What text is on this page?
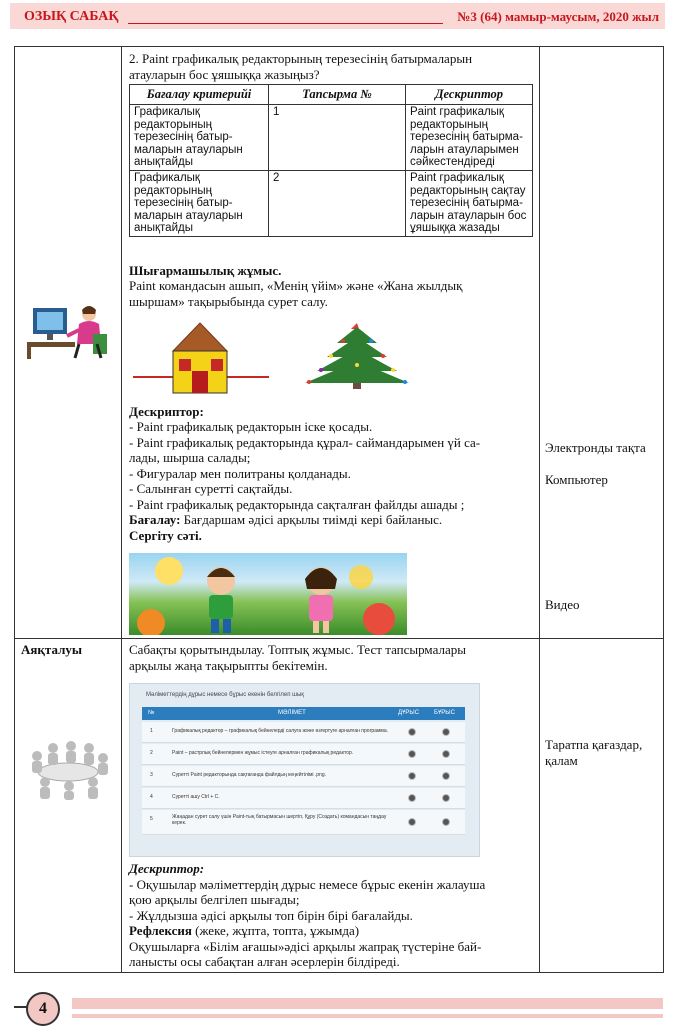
ОЗЫҚ САБАҚ	№3 (64) мамыр-маусым, 2020 жыл
2. Paint графикалық редакторының терезесінің батырмаларын атауларын бос ұяшыққа жазыңыз?
Бағалау критерийі	Тапсырма №	Дескриптор
Графикалық редакторының терезесінің батыр-маларын атауларын анықтайды	1	Paint графикалық редакторының терезесінің батырма-ларын атауларымен сәйкестендіреді
Графикалық редакторының терезесінің батыр-маларын атауларын анықтайды	2	Paint графикалық редакторының сақтау терезесінің батырма-ларын атауларын бос ұяшыққа жазады
Шығармашылық жұмыс.
Paint командасын ашып, «Менің үйім» және «Жана жылдық шыршам» тақырыбында сурет салу.
Дескриптор:
- Paint графикалық редакторын іске қосады.
- Paint графикалық редакторында құрал- саймандарымен үй са-
лады, шырша салады;
- Фигуралар мен политраны қолданады.
- Салынған суретті сақтайды.
- Paint графикалық редакторында сақталған файлды ашады ;
Бағалау: Бағдаршам әдісі арқылы тиімді кері байланыс.
Сергіту сәті.
Электронды тақта
Компьютер
Видео
Аяқталуы	Сабақты қорытындылау. Топтық жұмыс. Тест тапсырмалары
арқылы жаңа тақырыпты бекітемін.
Мәліметтердің дұрыс немесе бұрыс екенін белгілеп шық
№	МӘЛІМЕТ	ДҰРЫС БҰРЫС
1	Графикалық редактор – графикалық бейнелерді салуға және өзгертуге арналған программа.
2	Paint – растрлық бейнелермен жұмыс істеуге арналған графикалық редактор.
3	Суретті Paint редакторында сақтағанда файлдың кеңейтілімі .png.
4	Суретті ашу Ctrl + C.
5	Жаңадан сурет салу үшін Paint-тың батырмасын шертіп, Құру (Создать) командасын таңдау керек.
Дескриптор:
- Оқушылар мәліметтердің дұрыс немесе бұрыс екенін жалауша
қою арқылы белгілеп шығады;
- Жұлдызша әдісі арқылы топ бірін бірі бағалайды.
Рефлексия (жеке, жұпта, топта, ұжымда)
Оқушыларға «Білім ағашы»әдісі арқылы жапрақ түстеріне бай-
ланысты осы сабақтан алған әсерлерін білдіреді.
Таратпа қағаздар, қалам
4
